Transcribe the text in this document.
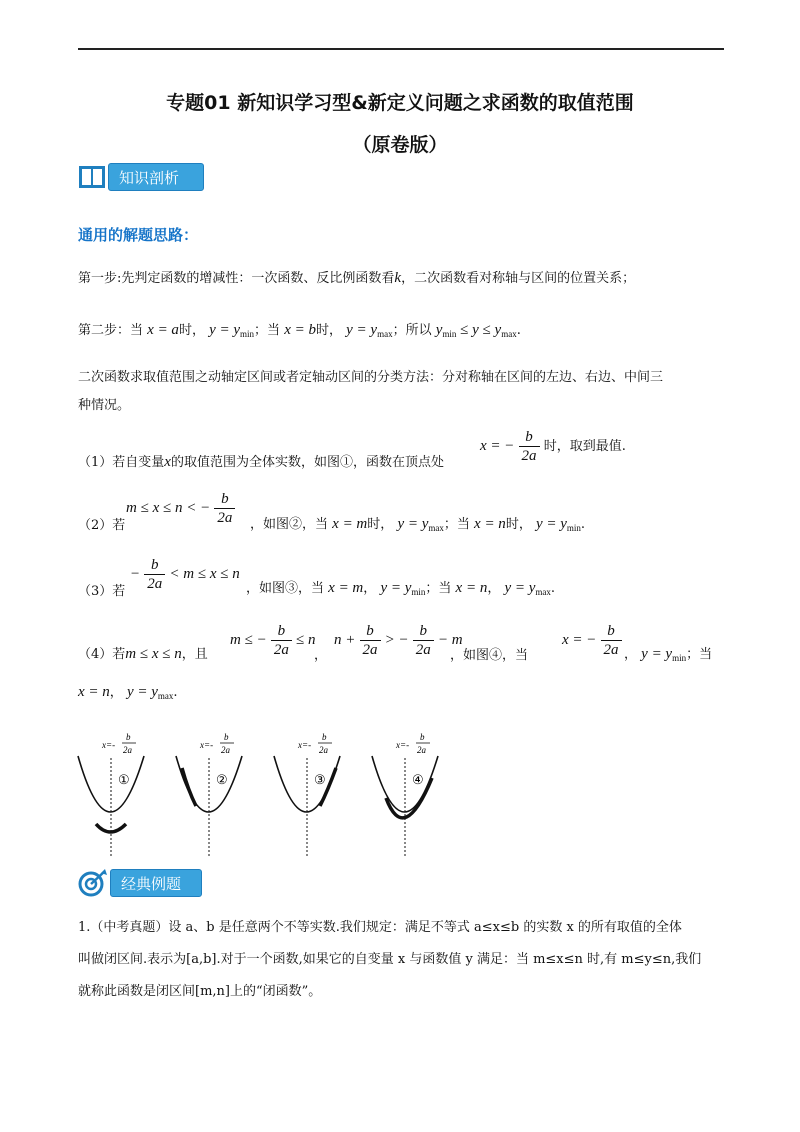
专题01 新知识学习型&新定义问题之求函数的取值范围
（原卷版）
知识剖析
通用的解题思路：
第一步:先判定函数的增减性：一次函数、反比例函数看k，二次函数看对称轴与区间的位置关系；
第二步：当 x = a时， $y = y_{min}$；当 x = b时， $y = y_{max}$；所以 $y_{min} \le y \le y_{max}$.
二次函数求取值范围之动轴定区间或者定轴动区间的分类方法：分对称轴在区间的左边、右边、中间三
种情况。
（1）若自变量x的取值范围为全体实数，如图①，函数在顶点处
x = − $\frac{b}{2a}$ 时，取到最值.
（2）若
m ≤ x ≤ n < − $\frac{b}{2a}$ ，如图②，当 x = m时， $y = y_{max}$；当 x = n时， $y = y_{min}$.
（3）若
− $\frac{b}{2a} < m \le x \le n$
，如图③，当 x = m， $y = y_{min}$；当 x = n， $y = y_{max}$.
（4）若m ≤ x ≤ n，且
m ≤ − $\frac{b}{2a} \le n$
，
$n + \frac{b}{2a}$ > − $\frac{b}{2a} - m$
，如图④，当
x = − $\frac{b}{2a}$ ， $y = y_{min}$；当
x = n， $y = y_{max}$.
x=-
b
2a
①
x=-
b
2a
②
x=-
b
2a
③
x=-
b
2a
④
经典例题
1.（中考真题）设 a、b 是任意两个不等实数.我们规定：满足不等式 a≤x≤b 的实数 x 的所有取值的全体
叫做闭区间.表示为[a,b].对于一个函数,如果它的自变量 x 与函数值 y 满足：当 m≤x≤n 时,有 m≤y≤n,我们
就称此函数是闭区间[m,n]上的“闭函数”。
